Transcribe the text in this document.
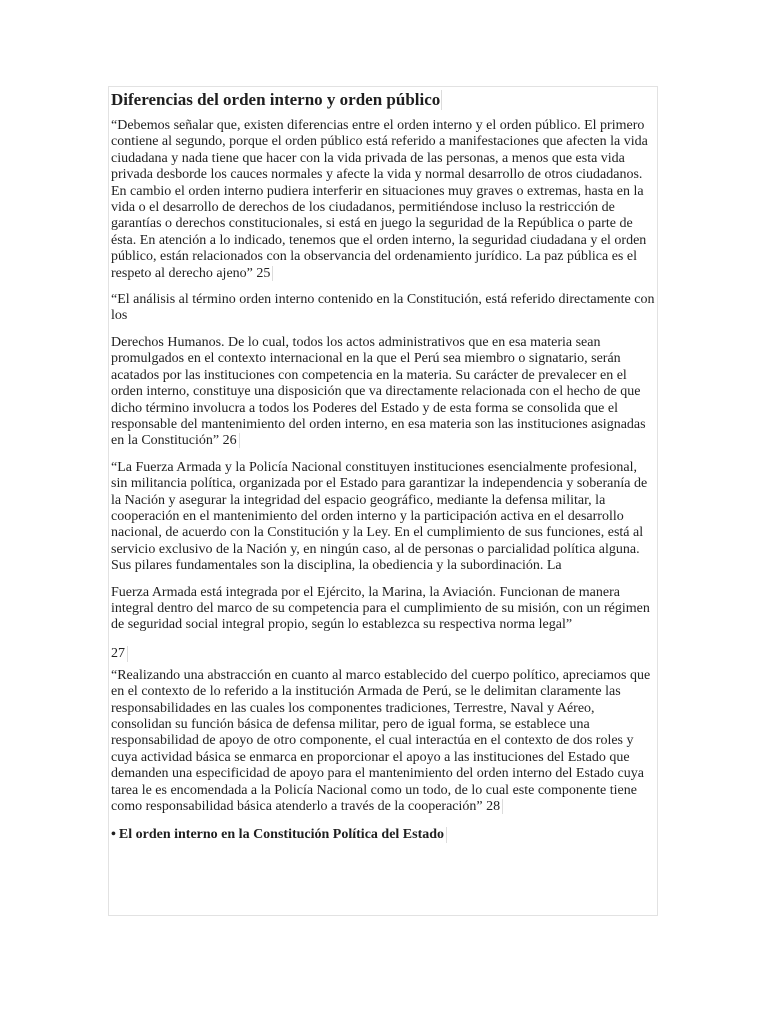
Diferencias del orden interno y orden público

“Debemos señalar que, existen diferencias entre el orden interno y el orden público. El primero contiene al segundo, porque el orden público está referido a manifestaciones que afecten la vida ciudadana y nada tiene que hacer con la vida privada de las personas, a menos que esta vida privada desborde los cauces normales y afecte la vida y normal desarrollo de otros ciudadanos. En cambio el orden interno pudiera interferir en situaciones muy graves o extremas, hasta en la vida o el desarrollo de derechos de los ciudadanos, permitiéndose incluso la restricción de garantías o derechos constitucionales, si está en juego la seguridad de la República o parte de ésta. En atención a lo indicado, tenemos que el orden interno, la seguridad ciudadana y el orden público, están relacionados con la observancia del ordenamiento jurídico. La paz pública es el respeto al derecho ajeno” 25

“El análisis al término orden interno contenido en la Constitución, está referido directamente con los

Derechos Humanos. De lo cual, todos los actos administrativos que en esa materia sean promulgados en el contexto internacional en la que el Perú sea miembro o signatario, serán acatados por las instituciones con competencia en la materia. Su carácter de prevalecer en el orden interno, constituye una disposición que va directamente relacionada con el hecho de que dicho término involucra a todos los Poderes del Estado y de esta forma se consolida que el responsable del mantenimiento del orden interno, en esa materia son las instituciones asignadas en la Constitución” 26

“La Fuerza Armada y la Policía Nacional constituyen instituciones esencialmente profesional, sin militancia política, organizada por el Estado para garantizar la independencia y soberanía de la Nación y asegurar la integridad del espacio geográfico, mediante la defensa militar, la cooperación en el mantenimiento del orden interno y la participación activa en el desarrollo nacional, de acuerdo con la Constitución y la Ley. En el cumplimiento de sus funciones, está al servicio exclusivo de la Nación y, en ningún caso, al de personas o parcialidad política alguna. Sus pilares fundamentales son la disciplina, la obediencia y la subordinación. La

Fuerza Armada está integrada por el Ejército, la Marina, la Aviación. Funcionan de manera integral dentro del marco de su competencia para el cumplimiento de su misión, con un régimen de seguridad social integral propio, según lo establezca su respectiva norma legal”

27

“Realizando una abstracción en cuanto al marco establecido del cuerpo político, apreciamos que en el contexto de lo referido a la institución Armada de Perú, se le delimitan claramente las responsabilidades en las cuales los componentes tradiciones, Terrestre, Naval y Aéreo, consolidan su función básica de defensa militar, pero de igual forma, se establece una responsabilidad de apoyo de otro componente, el cual interactúa en el contexto de dos roles y cuya actividad básica se enmarca en proporcionar el apoyo a las instituciones del Estado que demanden una especificidad de apoyo para el mantenimiento del orden interno del Estado cuya tarea le es encomendada a la Policía Nacional como un todo, de lo cual este componente tiene como responsabilidad básica atenderlo a través de la cooperación” 28

• El orden interno en la Constitución Política del Estado
